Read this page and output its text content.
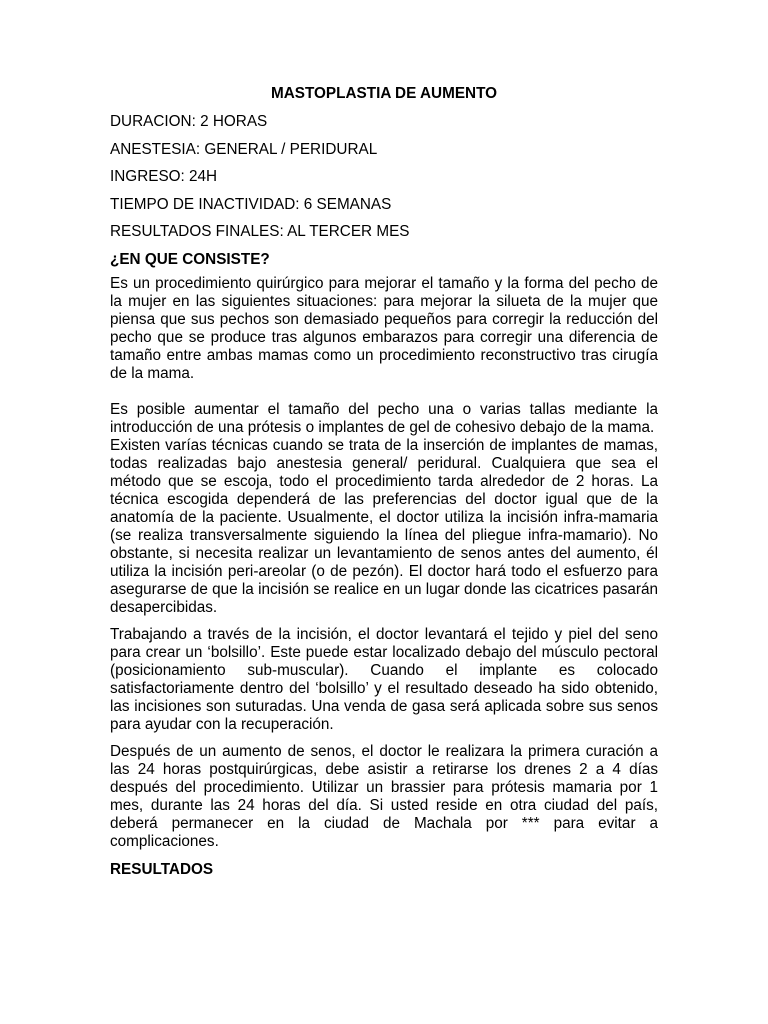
MASTOPLASTIA DE AUMENTO
DURACION: 2 HORAS
ANESTESIA: GENERAL / PERIDURAL
INGRESO: 24H
TIEMPO DE INACTIVIDAD: 6 SEMANAS
RESULTADOS FINALES: AL TERCER MES
¿EN QUE CONSISTE?

Es un procedimiento quirúrgico para mejorar el tamaño y la forma del pecho de la mujer en las siguientes situaciones: para mejorar la silueta de la mujer que piensa que sus pechos son demasiado pequeños para corregir la reducción del pecho que se produce tras algunos embarazos para corregir una diferencia de tamaño entre ambas mamas como un procedimiento reconstructivo tras cirugía de la mama.

Es posible aumentar el tamaño del pecho una o varias tallas mediante la introducción de una prótesis o implantes de gel de cohesivo debajo de la mama.

Existen varías técnicas cuando se trata de la inserción de implantes de mamas, todas realizadas bajo anestesia general/ peridural. Cualquiera que sea el método que se escoja, todo el procedimiento tarda alrededor de 2 horas. La técnica escogida dependerá de las preferencias del doctor igual que de la anatomía de la paciente. Usualmente, el doctor utiliza la incisión infra-mamaria (se realiza transversalmente siguiendo la línea del pliegue infra-mamario). No obstante, si necesita realizar un levantamiento de senos antes del aumento, él utiliza la incisión peri-areolar (o de pezón). El doctor hará todo el esfuerzo para asegurarse de que la incisión se realice en un lugar donde las cicatrices pasarán desapercibidas.

Trabajando a través de la incisión, el doctor levantará el tejido y piel del seno para crear un ‘bolsillo’. Este puede estar localizado debajo del músculo pectoral (posicionamiento sub-muscular). Cuando el implante es colocado satisfactoriamente dentro del ‘bolsillo’ y el resultado deseado ha sido obtenido, las incisiones son suturadas. Una venda de gasa será aplicada sobre sus senos para ayudar con la recuperación.

Después de un aumento de senos, el doctor le realizara la primera curación a las 24 horas postquirúrgicas, debe asistir a retirarse los drenes 2 a 4 días después del procedimiento. Utilizar un brassier para prótesis mamaria por 1 mes, durante las 24 horas del día. Si usted reside en otra ciudad del país, deberá permanecer en la ciudad de Machala por *** para evitar a complicaciones.

RESULTADOS
